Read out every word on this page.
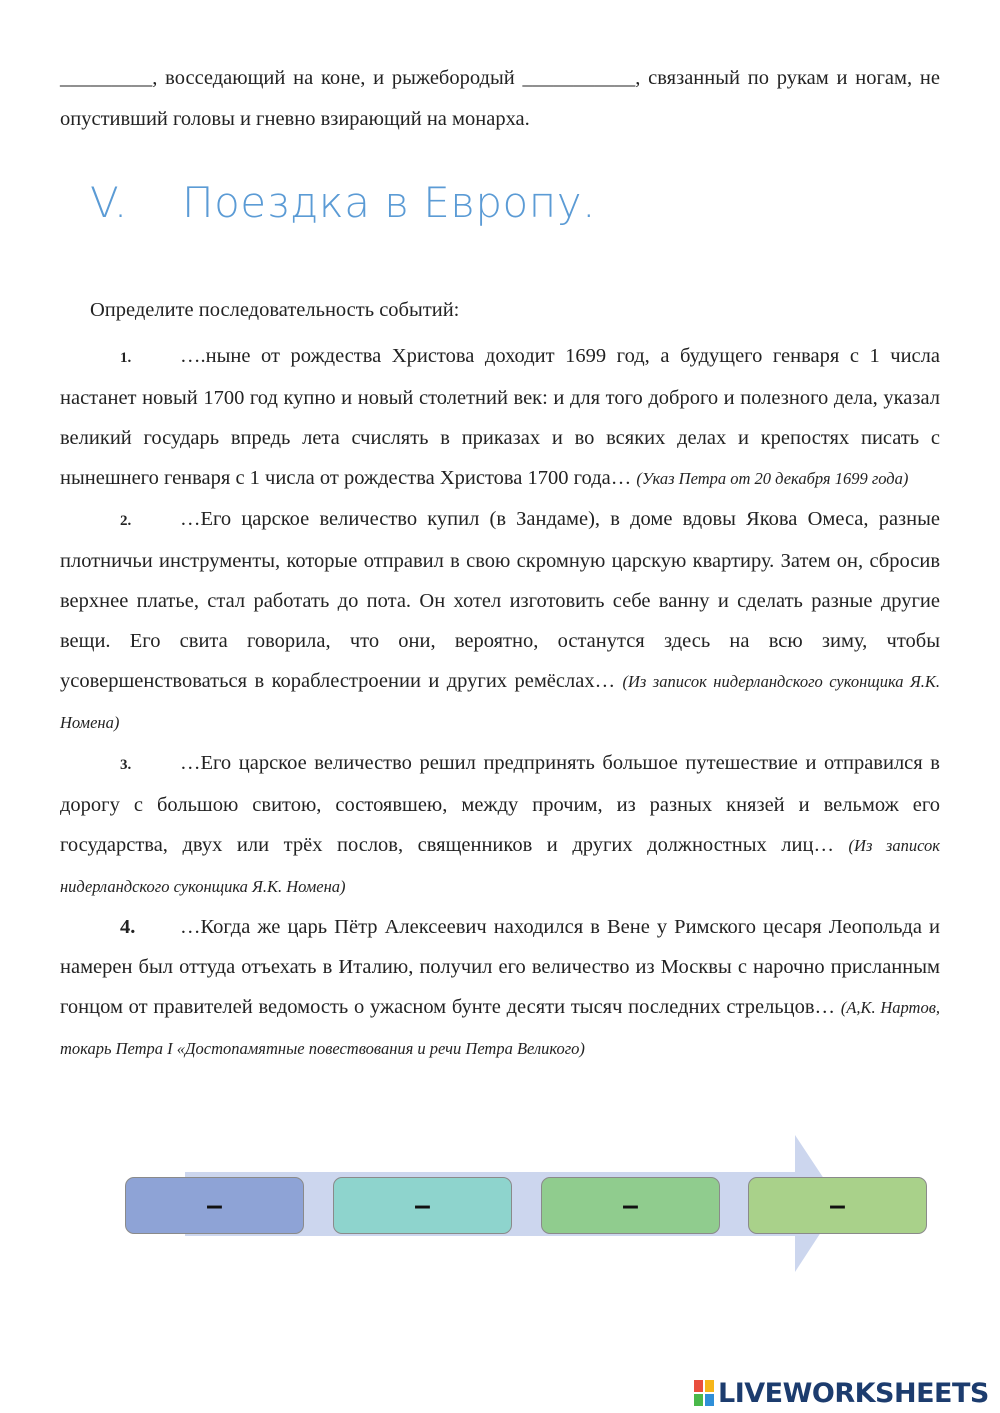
_________, восседающий на коне, и рыжебородый ___________, связанный по рукам и ногам, не опустивший головы и гневно взирающий на монарха.
V. Поездка в Европу.
Определите последовательность событий:

1. ….ныне от рождества Христова доходит 1699 год, а будущего генваря с 1 числа настанет новый 1700 год купно и новый столетний век: и для того доброго и полезного дела, указал великий государь впредь лета счислять в приказах и во всяких делах и крепостях писать с нынешнего генваря с 1 числа от рождества Христова 1700 года… (Указ Петра от 20 декабря 1699 года)

2. …Его царское величество купил (в Зандаме), в доме вдовы Якова Омеса, разные плотничьи инструменты, которые отправил в свою скромную царскую квартиру. Затем он, сбросив верхнее платье, стал работать до пота. Он хотел изготовить себе ванну и сделать разные другие вещи. Его свита говорила, что они, вероятно, останутся здесь на всю зиму, чтобы усовершенствоваться в кораблестроении и других ремёслах… (Из записок нидерландского суконщика Я.К. Номена)

3. …Его царское величество решил предпринять большое путешествие и отправился в дорогу с большою свитою, состоявшею, между прочим, из разных князей и вельмож его государства, двух или трёх послов, священников и других должностных лиц… (Из записок нидерландского суконщика Я.К. Номена)

4. …Когда же царь Пётр Алексеевич находился в Вене у Римского цесаря Леопольда и намерен был оттуда отъехать в Италию, получил его величество из Москвы с нарочно присланным гонцом от правителей ведомость о ужасном бунте десяти тысяч последних стрельцов… (А,К. Нартов, токарь Петра I «Достопамятные повествования и речи Петра Великого)

–	–	–	–
LIVEWORKSHEETS
